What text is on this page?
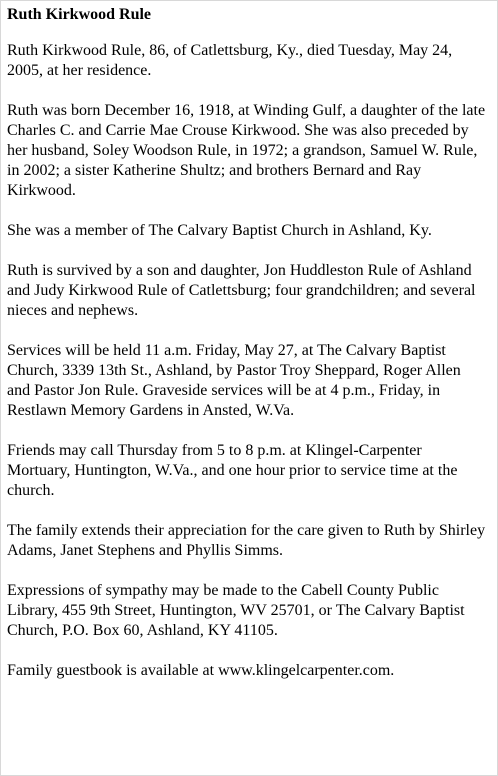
Ruth Kirkwood Rule

Ruth Kirkwood Rule, 86, of Catlettsburg, Ky., died Tuesday, May 24, 2005, at her residence.

Ruth was born December 16, 1918, at Winding Gulf, a daughter of the late Charles C. and Carrie Mae Crouse Kirkwood. She was also preceded by her husband, Soley Woodson Rule, in 1972; a grandson, Samuel W. Rule, in 2002; a sister Katherine Shultz; and brothers Bernard and Ray Kirkwood.

She was a member of The Calvary Baptist Church in Ashland, Ky.

Ruth is survived by a son and daughter, Jon Huddleston Rule of Ashland and Judy Kirkwood Rule of Catlettsburg; four grandchildren; and several nieces and nephews.

Services will be held 11 a.m. Friday, May 27, at The Calvary Baptist Church, 3339 13th St., Ashland, by Pastor Troy Sheppard, Roger Allen and Pastor Jon Rule. Graveside services will be at 4 p.m., Friday, in Restlawn Memory Gardens in Ansted, W.Va.

Friends may call Thursday from 5 to 8 p.m. at Klingel-Carpenter Mortuary, Huntington, W.Va., and one hour prior to service time at the church.

The family extends their appreciation for the care given to Ruth by Shirley Adams, Janet Stephens and Phyllis Simms.

Expressions of sympathy may be made to the Cabell County Public Library, 455 9th Street, Huntington, WV 25701, or The Calvary Baptist Church, P.O. Box 60, Ashland, KY 41105.

Family guestbook is available at www.klingelcarpenter.com.
